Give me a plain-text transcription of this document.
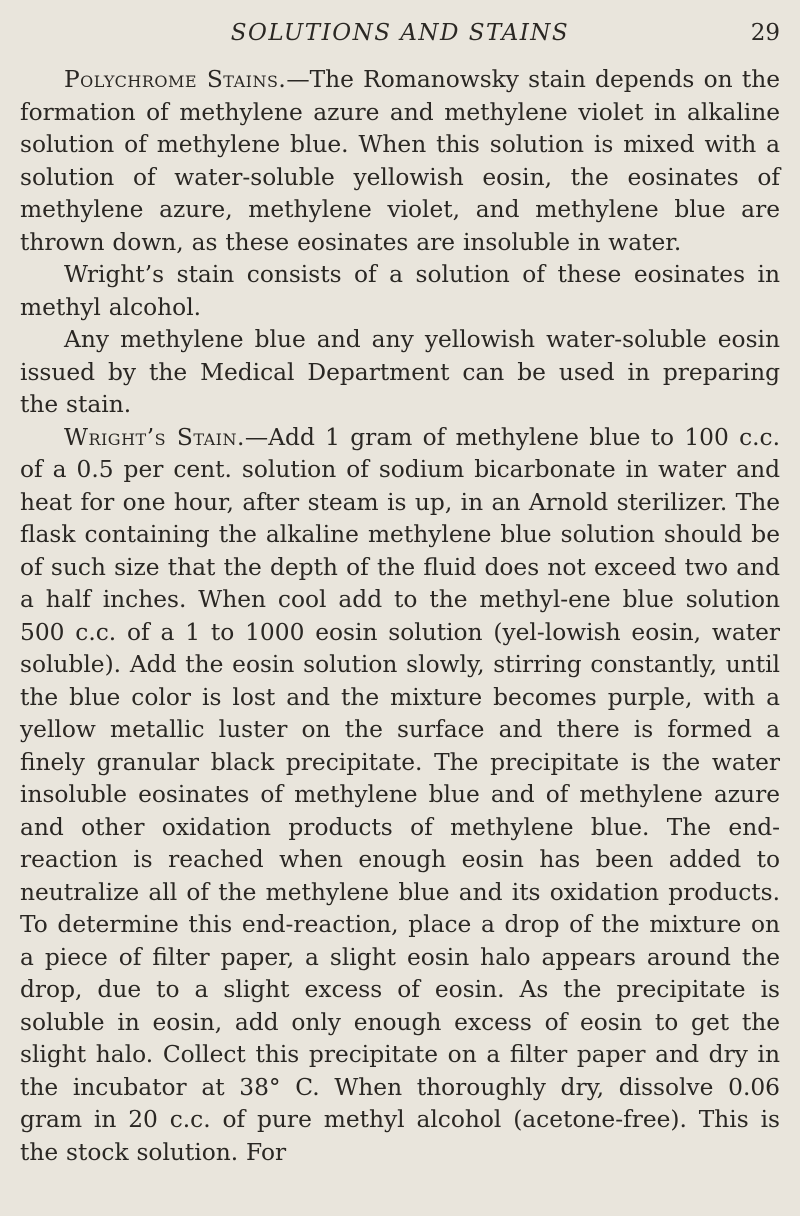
SOLUTIONS AND STAINS	29

Polychrome Stains.—The Romanowsky stain depends on the formation of methylene azure and methylene violet in alkaline solution of methylene blue. When this solution is mixed with a solution of water-soluble yellowish eosin, the eosinates of methylene azure, methylene violet, and methylene blue are thrown down, as these eosinates are insoluble in water.

Wright’s stain consists of a solution of these eosinates in methyl alcohol.

Any methylene blue and any yellowish water-soluble eosin issued by the Medical Department can be used in preparing the stain.

Wright’s Stain.—Add 1 gram of methylene blue to 100 c.c. of a 0.5 per cent. solution of sodium bicarbonate in water and heat for one hour, after steam is up, in an Arnold sterilizer. The flask containing the alkaline methylene blue solution should be of such size that the depth of the fluid does not exceed two and a half inches. When cool add to the methyl-ene blue solution 500 c.c. of a 1 to 1000 eosin solution (yel-lowish eosin, water soluble). Add the eosin solution slowly, stirring constantly, until the blue color is lost and the mixture becomes purple, with a yellow metallic luster on the surface and there is formed a finely granular black precipitate. The precipitate is the water insoluble eosinates of methylene blue and of methylene azure and other oxidation products of methylene blue. The end-reaction is reached when enough eosin has been added to neutralize all of the methylene blue and its oxidation products. To determine this end-reaction, place a drop of the mixture on a piece of filter paper, a slight eosin halo appears around the drop, due to a slight excess of eosin. As the precipitate is soluble in eosin, add only enough excess of eosin to get the slight halo. Collect this precipitate on a filter paper and dry in the incubator at 38° C. When thoroughly dry, dissolve 0.06 gram in 20 c.c. of pure methyl alcohol (acetone-free). This is the stock solution. For
